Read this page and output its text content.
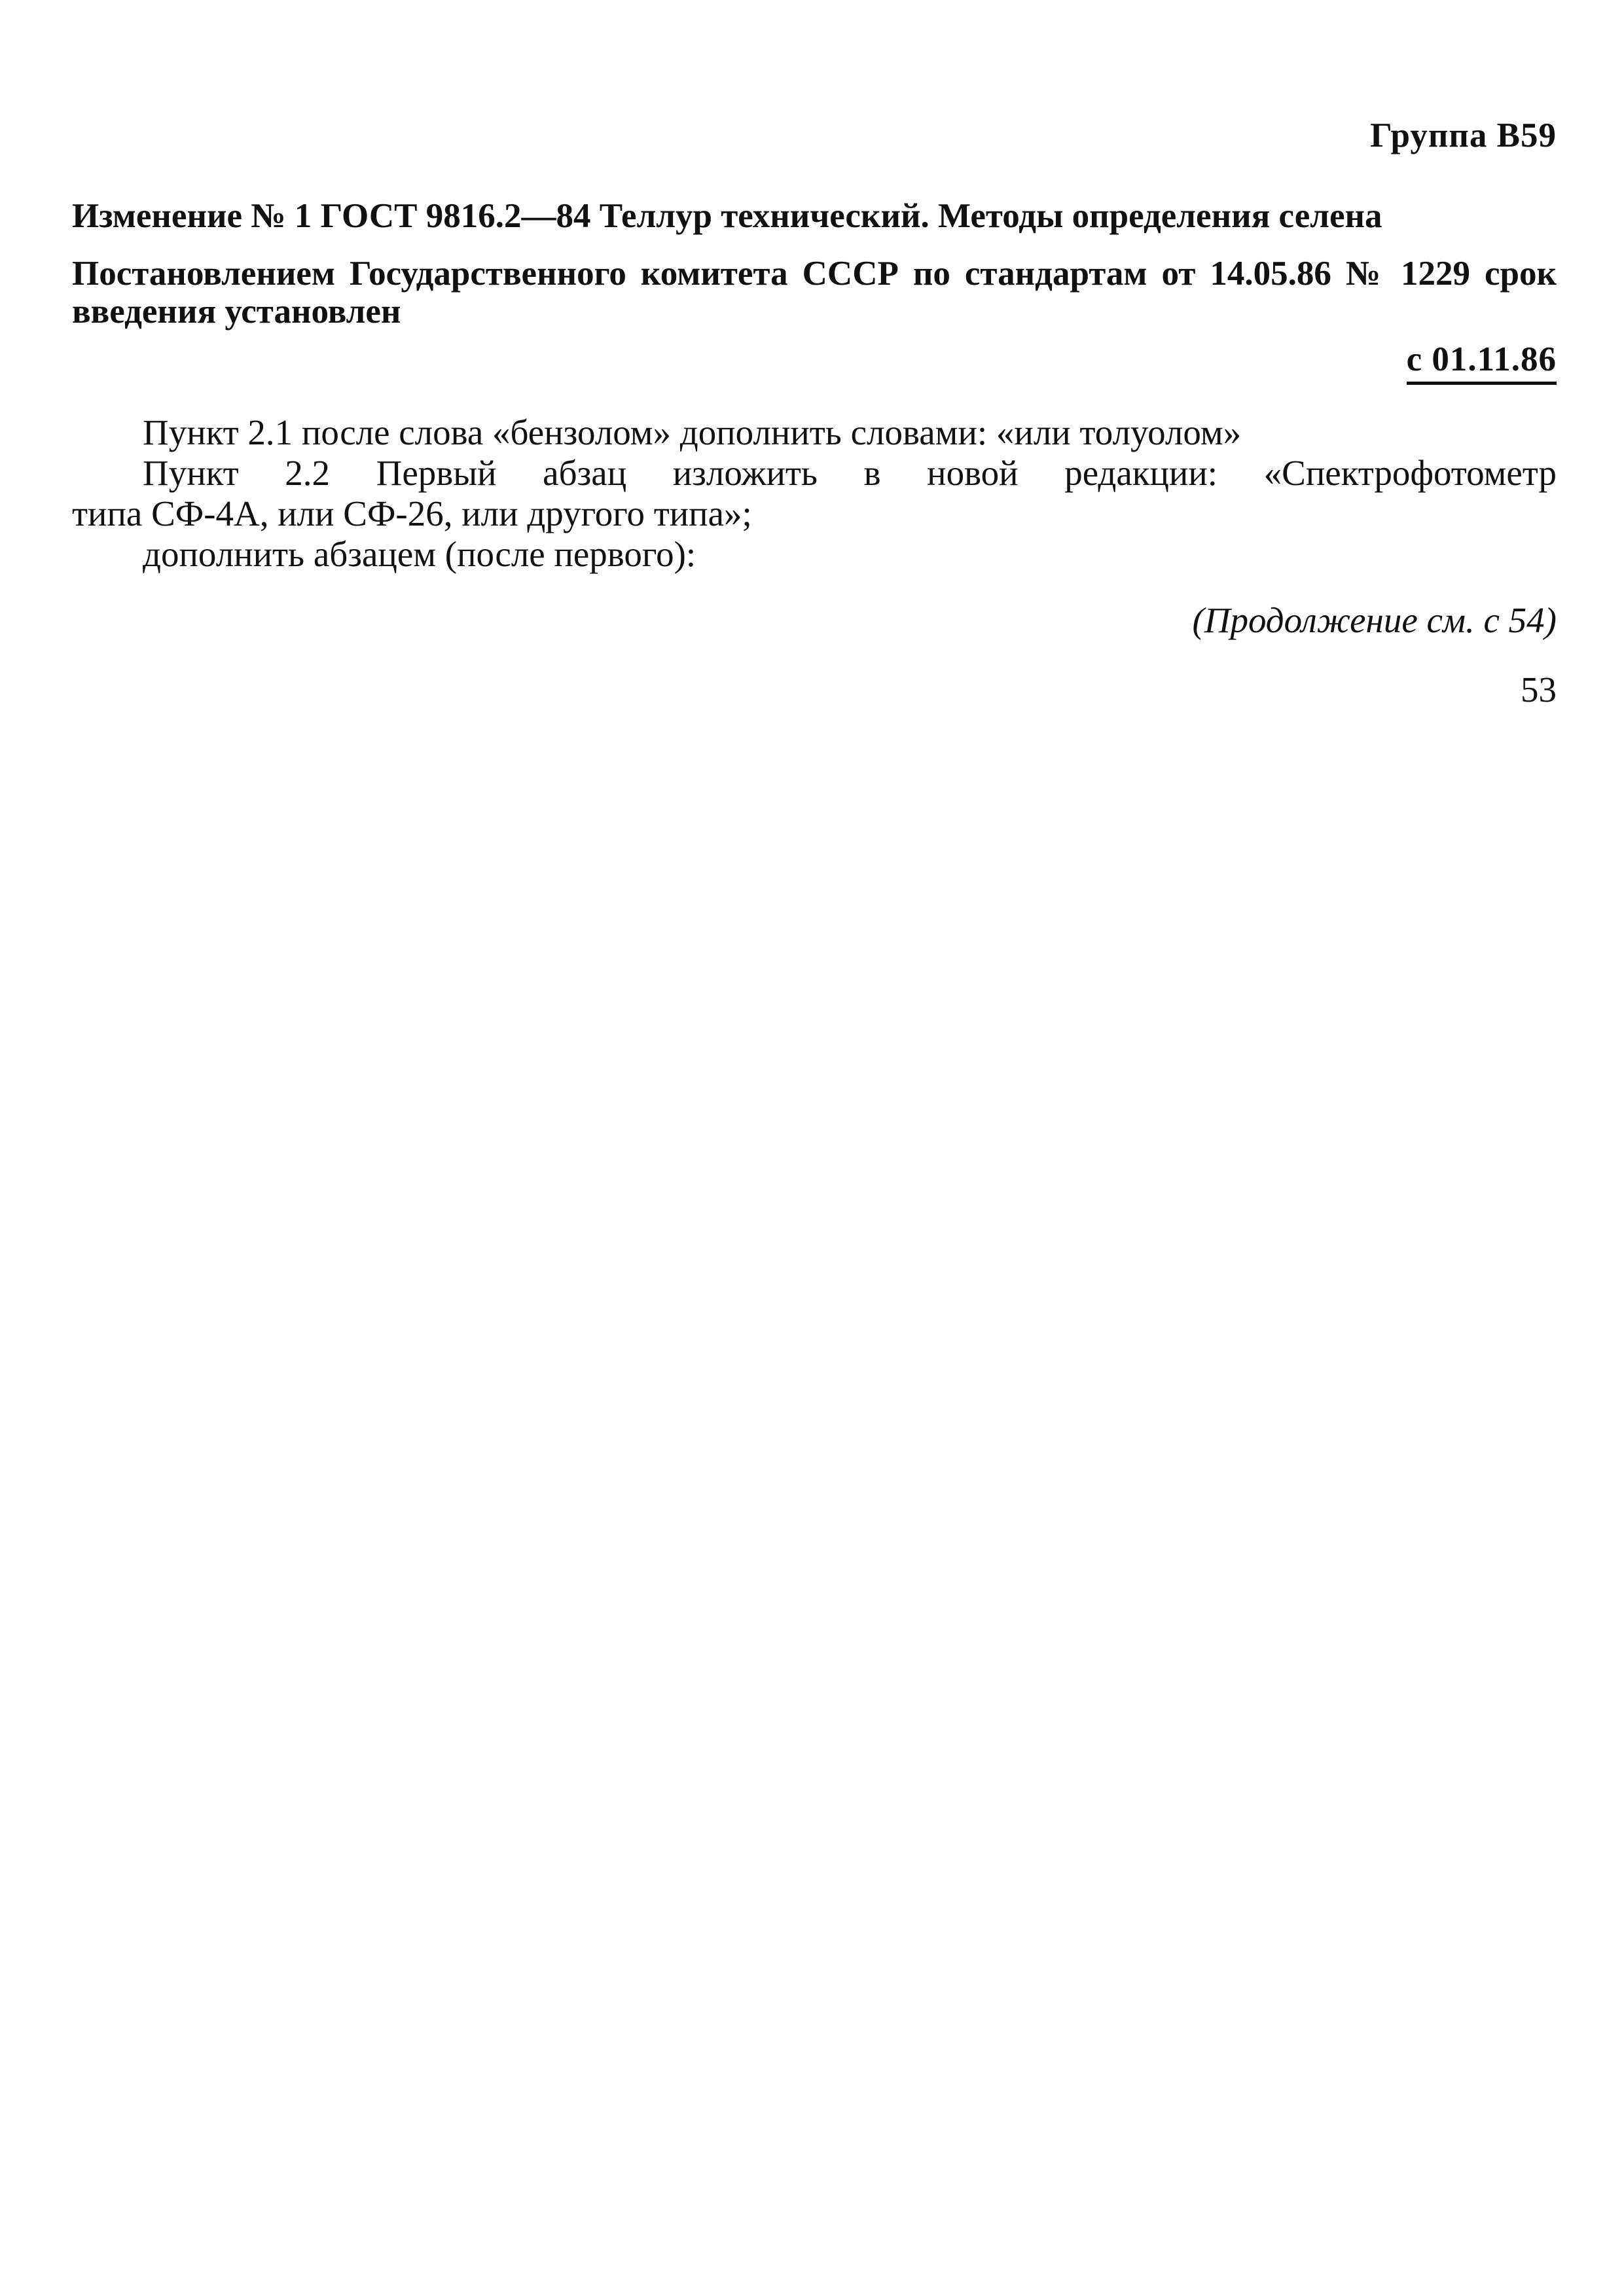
Группа B59
Изменение № 1 ГОСТ 9816.2—84 Теллур технический. Методы определения селена
Постановлением Государственного комитета СССР по стандартам от 14.05.86 № 1229 срок введения установлен
с 01.11.86
Пункт 2.1 после слова «бензолом» дополнить словами: «или толуолом»
Пункт 2.2 Первый абзац изложить в новой редакции: «Спектрофотометр
типа СФ-4А, или СФ-26, или другого типа»;
дополнить абзацем (после первого):
(Продолжение см. с 54)
53
